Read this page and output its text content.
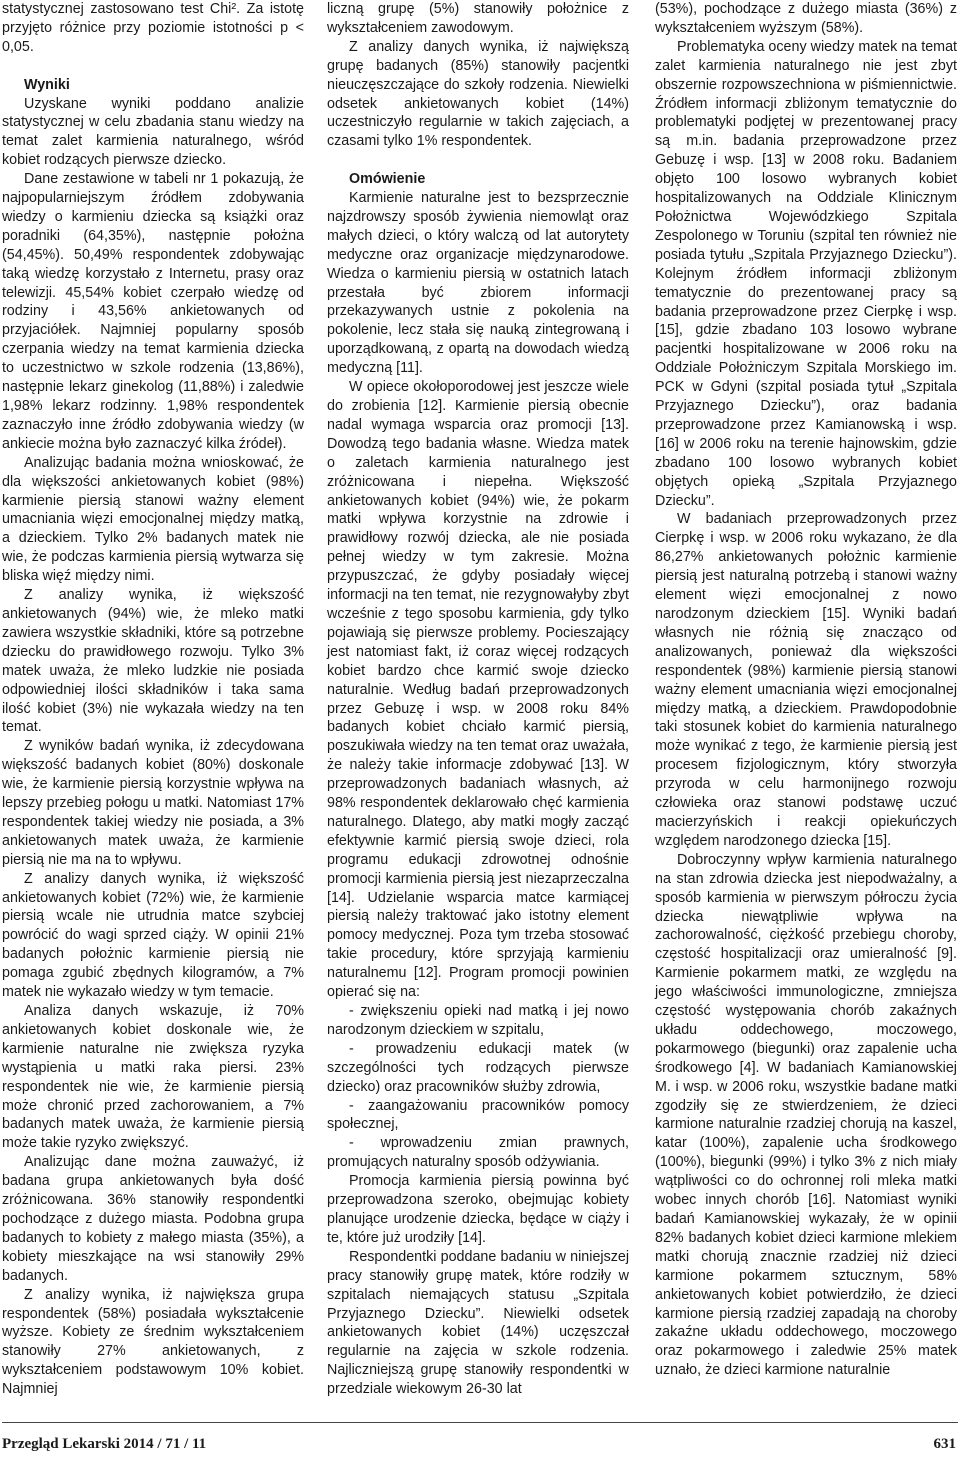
statystycznej zastosowano test Chi². Za istotę przyjęto różnice przy poziomie istotności p < 0,05.

Wyniki

Uzyskane wyniki poddano analizie statystycznej w celu zbadania stanu wiedzy na temat zalet karmienia naturalnego, wśród kobiet rodzących pierwsze dziecko.

Dane zestawione w tabeli nr 1 pokazują, że najpopularniejszym źródłem zdobywania wiedzy o karmieniu dziecka są książki oraz poradniki (64,35%), następnie położna (54,45%). 50,49% respondentek zdobywając taką wiedzę korzystało z Internetu, prasy oraz telewizji. 45,54% kobiet czerpało wiedzę od rodziny i 43,56% ankietowanych od przyjaciółek. Najmniej popularny sposób czerpania wiedzy na temat karmienia dziecka to uczestnictwo w szkole rodzenia (13,86%), następnie lekarz ginekolog (11,88%) i zaledwie 1,98% lekarz rodzinny. 1,98% respondentek zaznaczyło inne źródło zdobywania wiedzy (w ankiecie można było zaznaczyć kilka źródeł).

Analizując badania można wnioskować, że dla większości ankietowanych kobiet (98%) karmienie piersią stanowi ważny element umacniania więzi emocjonalnej między matką, a dzieckiem. Tylko 2% badanych matek nie wie, że podczas karmienia piersią wytwarza się bliska więź między nimi.

Z analizy wynika, iż większość ankietowanych (94%) wie, że mleko matki zawiera wszystkie składniki, które są potrzebne dziecku do prawidłowego rozwoju. Tylko 3% matek uważa, że mleko ludzkie nie posiada odpowiedniej ilości składników i taka sama ilość kobiet (3%) nie wykazała wiedzy na ten temat.

Z wyników badań wynika, iż zdecydowana większość badanych kobiet (80%) doskonale wie, że karmienie piersią korzystnie wpływa na lepszy przebieg połogu u matki. Natomiast 17% respondentek takiej wiedzy nie posiada, a 3% ankietowanych matek uważa, że karmienie piersią nie ma na to wpływu.

Z analizy danych wynika, iż większość ankietowanych kobiet (72%) wie, że karmienie piersią wcale nie utrudnia matce szybciej powrócić do wagi sprzed ciąży. W opinii 21% badanych położnic karmienie piersią nie pomaga zgubić zbędnych kilogramów, a 7% matek nie wykazało wiedzy w tym temacie.

Analiza danych wskazuje, iż 70% ankietowanych kobiet doskonale wie, że karmienie naturalne nie zwiększa ryzyka wystąpienia u matki raka piersi. 23% respondentek nie wie, że karmienie piersią może chronić przed zachorowaniem, a 7% badanych matek uważa, że karmienie piersią może takie ryzyko zwiększyć.

Analizując dane można zauważyć, iż badana grupa ankietowanych była dość zróżnicowana. 36% stanowiły respondentki pochodzące z dużego miasta. Podobna grupa badanych to kobiety z małego miasta (35%), a kobiety mieszkające na wsi stanowiły 29% badanych.

Z analizy wynika, iż największa grupa respondentek (58%) posiadała wykształcenie wyższe. Kobiety ze średnim wykształceniem stanowiły 27% ankietowanych, z wykształceniem podstawowym 10% kobiet. Najmniej

liczną grupę (5%) stanowiły położnice z wykształceniem zawodowym.

Z analizy danych wynika, iż największą grupę badanych (85%) stanowiły pacjentki nieuczęszczające do szkoły rodzenia. Niewielki odsetek ankietowanych kobiet (14%) uczestniczyło regularnie w takich zajęciach, a czasami tylko 1% respondentek.

Omówienie

Karmienie naturalne jest to bezsprzecznie najzdrowszy sposób żywienia niemowląt oraz małych dzieci, o który walczą od lat autorytety medyczne oraz organizacje międzynarodowe. Wiedza o karmieniu piersią w ostatnich latach przestała być zbiorem informacji przekazywanych ustnie z pokolenia na pokolenie, lecz stała się nauką zintegrowaną i uporządkowaną, z opartą na dowodach wiedzą medyczną [11].

W opiece okołoporodowej jest jeszcze wiele do zrobienia [12]. Karmienie piersią obecnie nadal wymaga wsparcia oraz promocji [13]. Dowodzą tego badania własne. Wiedza matek o zaletach karmienia naturalnego jest zróżnicowana i niepełna. Większość ankietowanych kobiet (94%) wie, że pokarm matki wpływa korzystnie na zdrowie i prawidłowy rozwój dziecka, ale nie posiada pełnej wiedzy w tym zakresie. Można przypuszczać, że gdyby posiadały więcej informacji na ten temat, nie rezygnowałyby zbyt wcześnie z tego sposobu karmienia, gdy tylko pojawiają się pierwsze problemy. Pocieszający jest natomiast fakt, iż coraz więcej rodzących kobiet bardzo chce karmić swoje dziecko naturalnie. Według badań przeprowadzonych przez Gebuzę i wsp. w 2008 roku 84% badanych kobiet chciało karmić piersią, poszukiwała wiedzy na ten temat oraz uważała, że należy takie informacje zdobywać [13]. W przeprowadzonych badaniach własnych, aż 98% respondentek deklarowało chęć karmienia naturalnego. Dlatego, aby matki mogły zacząć efektywnie karmić piersią swoje dzieci, rola programu edukacji zdrowotnej odnośnie promocji karmienia piersią jest niezaprzeczalna [14]. Udzielanie wsparcia matce karmiącej piersią należy traktować jako istotny element pomocy medycznej. Poza tym trzeba stosować takie procedury, które sprzyjają karmieniu naturalnemu [12]. Program promocji powinien opierać się na:

- zwiększeniu opieki nad matką i jej nowo narodzonym dzieckiem w szpitalu,

- prowadzeniu edukacji matek (w szczególności tych rodzących pierwsze dziecko) oraz pracowników służby zdrowia,

- zaangażowaniu pracowników pomocy społecznej,

- wprowadzeniu zmian prawnych, promujących naturalny sposób odżywiania.

Promocja karmienia piersią powinna być przeprowadzona szeroko, obejmując kobiety planujące urodzenie dziecka, będące w ciąży i te, które już urodziły [14].

Respondentki poddane badaniu w niniejszej pracy stanowiły grupę matek, które rodziły w szpitalach niemających statusu „Szpitala Przyjaznego Dziecku”. Niewielki odsetek ankietowanych kobiet (14%) uczęszczał regularnie na zajęcia w szkole rodzenia. Najliczniejszą grupę stanowiły respondentki w przedziale wiekowym 26-30 lat

(53%), pochodzące z dużego miasta (36%) z wykształceniem wyższym (58%).

Problematyka oceny wiedzy matek na temat zalet karmienia naturalnego nie jest zbyt obszernie rozpowszechniona w piśmiennictwie. Źródłem informacji zbliżonym tematycznie do problematyki podjętej w prezentowanej pracy są m.in. badania przeprowadzone przez Gebuzę i wsp. [13] w 2008 roku. Badaniem objęto 100 losowo wybranych kobiet hospitalizowanych na Oddziale Klinicznym Położnictwa Wojewódzkiego Szpitala Zespolonego w Toruniu (szpital ten również nie posiada tytułu „Szpitala Przyjaznego Dziecku”). Kolejnym źródłem informacji zbliżonym tematycznie do prezentowanej pracy są badania przeprowadzone przez Cierpkę i wsp. [15], gdzie zbadano 103 losowo wybrane pacjentki hospitalizowane w 2006 roku na Oddziale Położniczym Szpitala Morskiego im. PCK w Gdyni (szpital posiada tytuł „Szpitala Przyjaznego Dziecku”), oraz badania przeprowadzone przez Kamianowską i wsp. [16] w 2006 roku na terenie hajnowskim, gdzie zbadano 100 losowo wybranych kobiet objętych opieką „Szpitala Przyjaznego Dziecku”.

W badaniach przeprowadzonych przez Cierpkę i wsp. w 2006 roku wykazano, że dla 86,27% ankietowanych położnic karmienie piersią jest naturalną potrzebą i stanowi ważny element więzi emocjonalnej z nowo narodzonym dzieckiem [15]. Wyniki badań własnych nie różnią się znacząco od analizowanych, ponieważ dla większości respondentek (98%) karmienie piersią stanowi ważny element umacniania więzi emocjonalnej między matką, a dzieckiem. Prawdopodobnie taki stosunek kobiet do karmienia naturalnego może wynikać z tego, że karmienie piersią jest procesem fizjologicznym, który stworzyła przyroda w celu harmonijnego rozwoju człowieka oraz stanowi podstawę uczuć macierzyńskich i reakcji opiekuńczych względem narodzonego dziecka [15].

Dobroczynny wpływ karmienia naturalnego na stan zdrowia dziecka jest niepodważalny, a sposób karmienia w pierwszym półroczu życia dziecka niewątpliwie wpływa na zachorowalność, ciężkość przebiegu choroby, częstość hospitalizacji oraz umieralność [9]. Karmienie pokarmem matki, ze względu na jego właściwości immunologiczne, zmniejsza częstość występowania chorób zakaźnych układu oddechowego, moczowego, pokarmowego (biegunki) oraz zapalenie ucha środkowego [4]. W badaniach Kamianowskiej M. i wsp. w 2006 roku, wszystkie badane matki zgodziły się ze stwierdzeniem, że dzieci karmione naturalnie rzadziej chorują na kaszel, katar (100%), zapalenie ucha środkowego (100%), biegunki (99%) i tylko 3% z nich miały wątpliwości co do ochronnej roli mleka matki wobec innych chorób [16]. Natomiast wyniki badań Kamianowskiej wykazały, że w opinii 82% badanych kobiet dzieci karmione mlekiem matki chorują znacznie rzadziej niż dzieci karmione pokarmem sztucznym, 58% ankietowanych kobiet potwierdziło, że dzieci karmione piersią rzadziej zapadają na choroby zakaźne układu oddechowego, moczowego oraz pokarmowego i zaledwie 25% matek uznało, że dzieci karmione naturalnie

Przegląd Lekarski 2014 / 71 / 11	631
